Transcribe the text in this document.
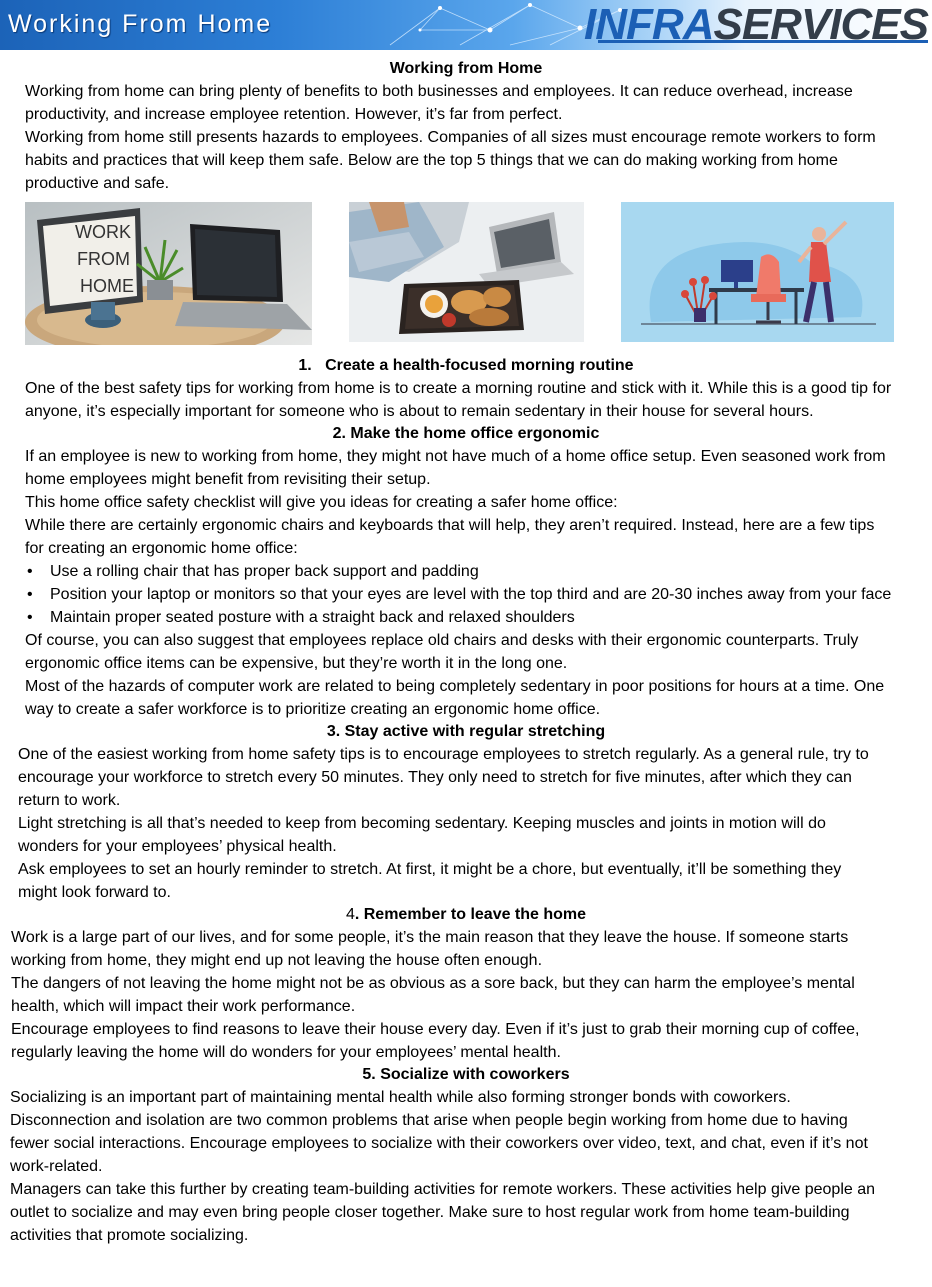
Working From Home	INFRA SERVICES

Working from Home

Working from home can bring plenty of benefits to both businesses and employees. It can reduce overhead, increase productivity, and increase employee retention. However, it’s far from perfect.

Working from home still presents hazards to employees. Companies of all sizes must encourage remote workers to form habits and practices that will keep them safe. Below are the top 5 things that we can do making working from home productive and safe.

WORK
FROM
HOME

1. Create a health-focused morning routine

One of the best safety tips for working from home is to create a morning routine and stick with it. While this is a good tip for anyone, it’s especially important for someone who is about to remain sedentary in their house for several hours.

2. Make the home office ergonomic

If an employee is new to working from home, they might not have much of a home office setup. Even seasoned work from home employees might benefit from revisiting their setup.

This home office safety checklist will give you ideas for creating a safer home office:

While there are certainly ergonomic chairs and keyboards that will help, they aren’t required. Instead, here are a few tips for creating an ergonomic home office:

• Use a rolling chair that has proper back support and padding
• Position your laptop or monitors so that your eyes are level with the top third and are 20-30 inches away from your face
• Maintain proper seated posture with a straight back and relaxed shoulders

Of course, you can also suggest that employees replace old chairs and desks with their ergonomic counterparts. Truly ergonomic office items can be expensive, but they’re worth it in the long one.

Most of the hazards of computer work are related to being completely sedentary in poor positions for hours at a time. One way to create a safer workforce is to prioritize creating an ergonomic home office.

3. Stay active with regular stretching

One of the easiest working from home safety tips is to encourage employees to stretch regularly. As a general rule, try to encourage your workforce to stretch every 50 minutes. They only need to stretch for five minutes, after which they can return to work.

Light stretching is all that’s needed to keep from becoming sedentary. Keeping muscles and joints in motion will do wonders for your employees’ physical health.

Ask employees to set an hourly reminder to stretch. At first, it might be a chore, but eventually, it’ll be something they might look forward to.

4. Remember to leave the home

Work is a large part of our lives, and for some people, it’s the main reason that they leave the house. If someone starts working from home, they might end up not leaving the house often enough.

The dangers of not leaving the home might not be as obvious as a sore back, but they can harm the employee’s mental health, which will impact their work performance.

Encourage employees to find reasons to leave their house every day. Even if it’s just to grab their morning cup of coffee, regularly leaving the home will do wonders for your employees’ mental health.

5. Socialize with coworkers

Socializing is an important part of maintaining mental health while also forming stronger bonds with coworkers. Disconnection and isolation are two common problems that arise when people begin working from home due to having fewer social interactions. Encourage employees to socialize with their coworkers over video, text, and chat, even if it’s not work-related.

Managers can take this further by creating team-building activities for remote workers. These activities help give people an outlet to socialize and may even bring people closer together. Make sure to host regular work from home team-building activities that promote socializing.
